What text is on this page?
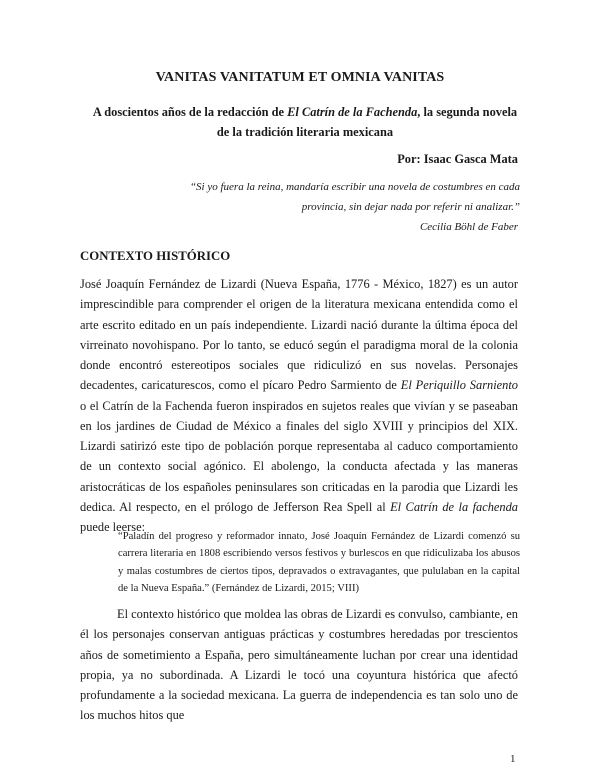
VANITAS VANITATUM ET OMNIA VANITAS
A doscientos años de la redacción de El Catrín de la Fachenda, la segunda novela de la tradición literaria mexicana
Por: Isaac Gasca Mata
“Si yo fuera la reina, mandaría escribir una novela de costumbres en cada provincia, sin dejar nada por referir ni analizar.”
Cecilia Böhl de Faber
CONTEXTO HISTÓRICO
José Joaquín Fernández de Lizardi (Nueva España, 1776 - México, 1827) es un autor imprescindible para comprender el origen de la literatura mexicana entendida como el arte escrito editado en un país independiente. Lizardi nació durante la última época del virreinato novohispano. Por lo tanto, se educó según el paradigma moral de la colonia donde encontró estereotipos sociales que ridiculizó en sus novelas. Personajes decadentes, caricaturescos, como el pícaro Pedro Sarmiento de El Periquillo Sarniento o el Catrín de la Fachenda fueron inspirados en sujetos reales que vivían y se paseaban en los jardines de Ciudad de México a finales del siglo XVIII y principios del XIX. Lizardi satirizó este tipo de población porque representaba al caduco comportamiento de un contexto social agónico. El abolengo, la conducta afectada y las maneras aristocráticas de los españoles peninsulares son criticadas en la parodia que Lizardi les dedica. Al respecto, en el prólogo de Jefferson Rea Spell al El Catrín de la fachenda puede leerse:
“Paladín del progreso y reformador innato, José Joaquín Fernández de Lizardi comenzó su carrera literaria en 1808 escribiendo versos festivos y burlescos en que ridiculizaba los abusos y malas costumbres de ciertos tipos, depravados o extravagantes, que pululaban en la capital de la Nueva España.” (Fernández de Lizardi, 2015; VIII)
El contexto histórico que moldea las obras de Lizardi es convulso, cambiante, en él los personajes conservan antiguas prácticas y costumbres heredadas por trescientos años de sometimiento a España, pero simultáneamente luchan por crear una identidad propia, ya no subordinada. A Lizardi le tocó una coyuntura histórica que afectó profundamente a la sociedad mexicana. La guerra de independencia es tan solo uno de los muchos hitos que
1
